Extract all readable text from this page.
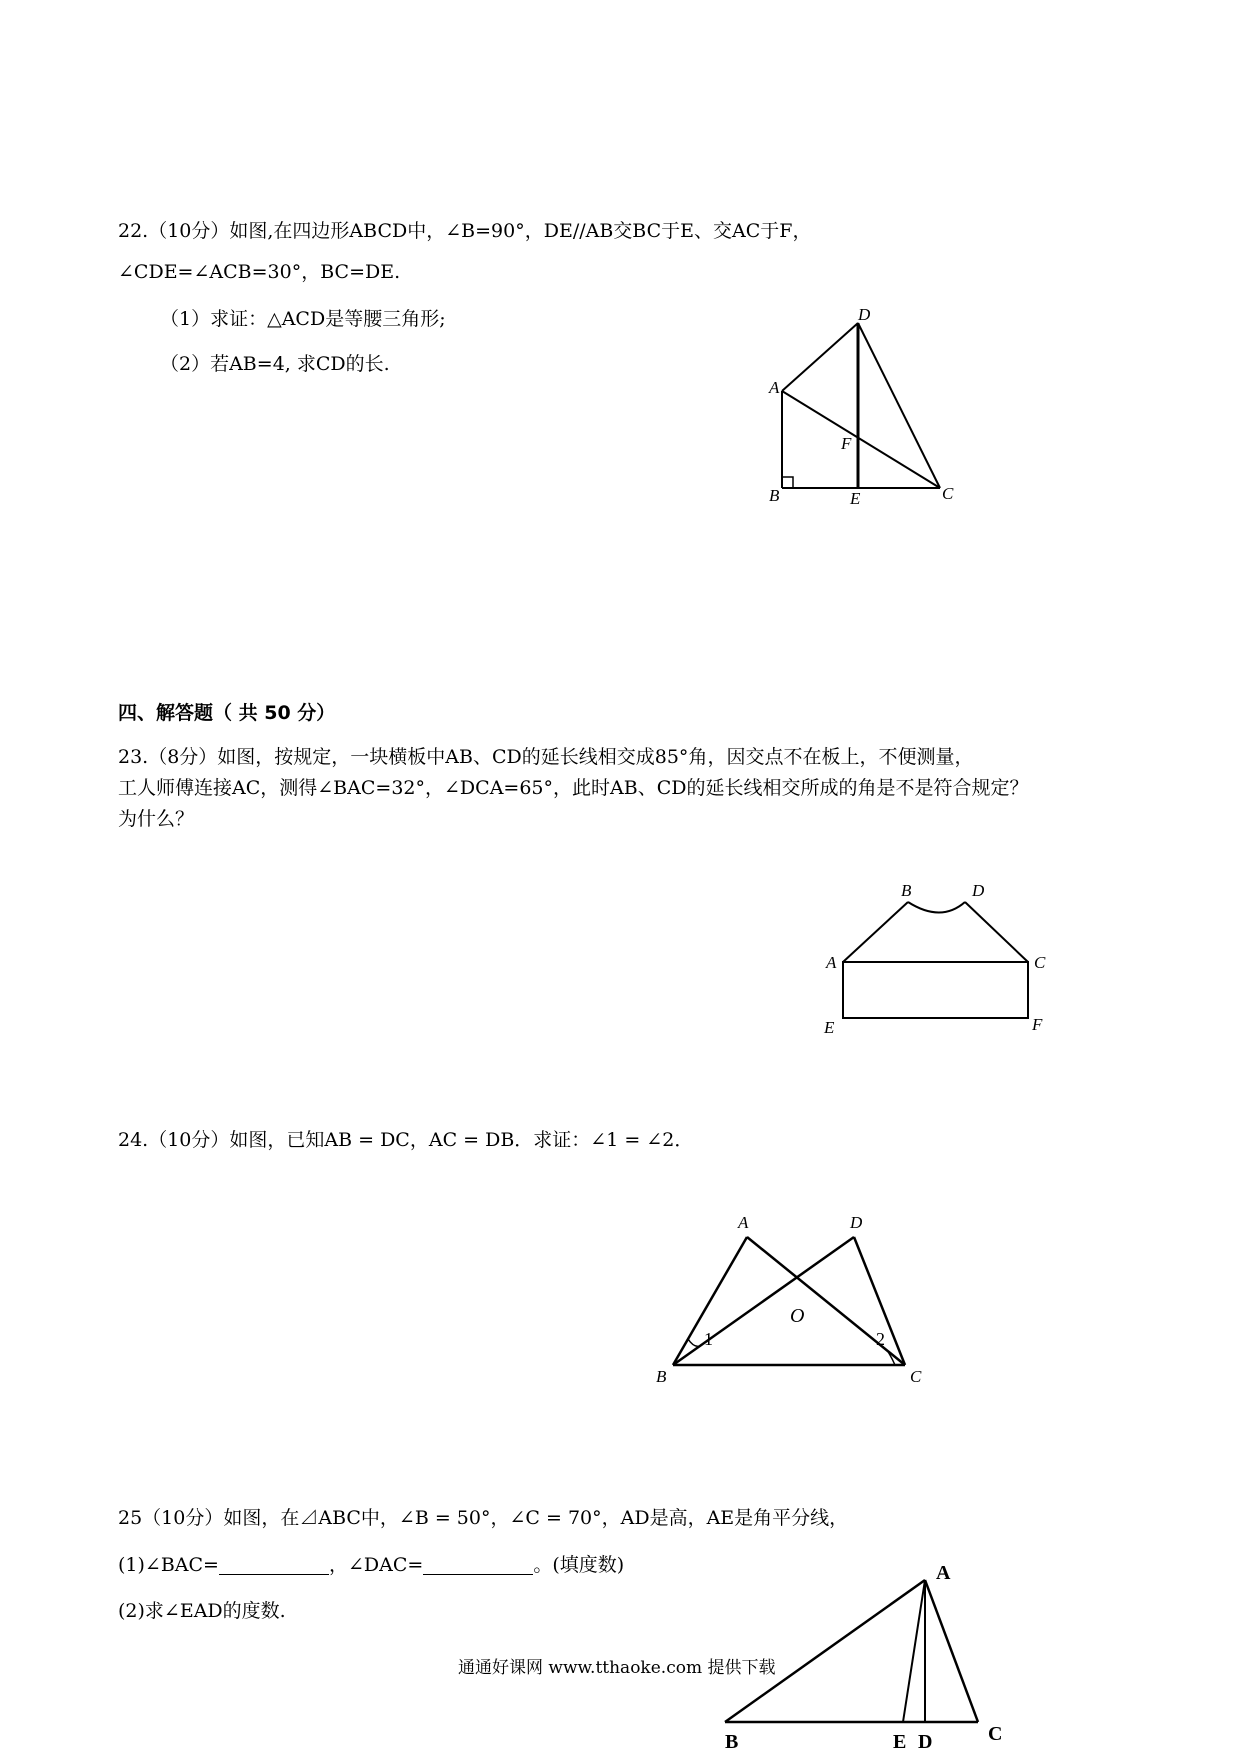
22.（10分）如图,在四边形ABCD中，∠B=90°，DE//AB交BC于E、交AC于F，
∠CDE=∠ACB=30°，BC=DE.
（1）求证：△ACD是等腰三角形;
（2）若AB=4, 求CD的长.
D
A
B	E	C
F
四、解答题（ 共 50 分）
23.（8分）如图，按规定，一块横板中AB、CD的延长线相交成85°角，因交点不在板上，不便测量，
工人师傅连接AC，测得∠BAC=32°，∠DCA=65°，此时AB、CD的延长线相交所成的角是不是符合规定？
为什么？
B	D
A	C
E	F
24.（10分）如图，已知AB = DC，AC = DB．求证：∠1 = ∠2．
A	D
B	C
O
1	2
25（10分）如图，在⊿ABC中，∠B = 50°，∠C = 70°，AD是高，AE是角平分线，
(1)∠BAC=	，∠DAC=	。(填度数)
(2)求∠EAD的度数.
A
B	E D	C
通通好课网 www.tthaoke.com 提供下载
